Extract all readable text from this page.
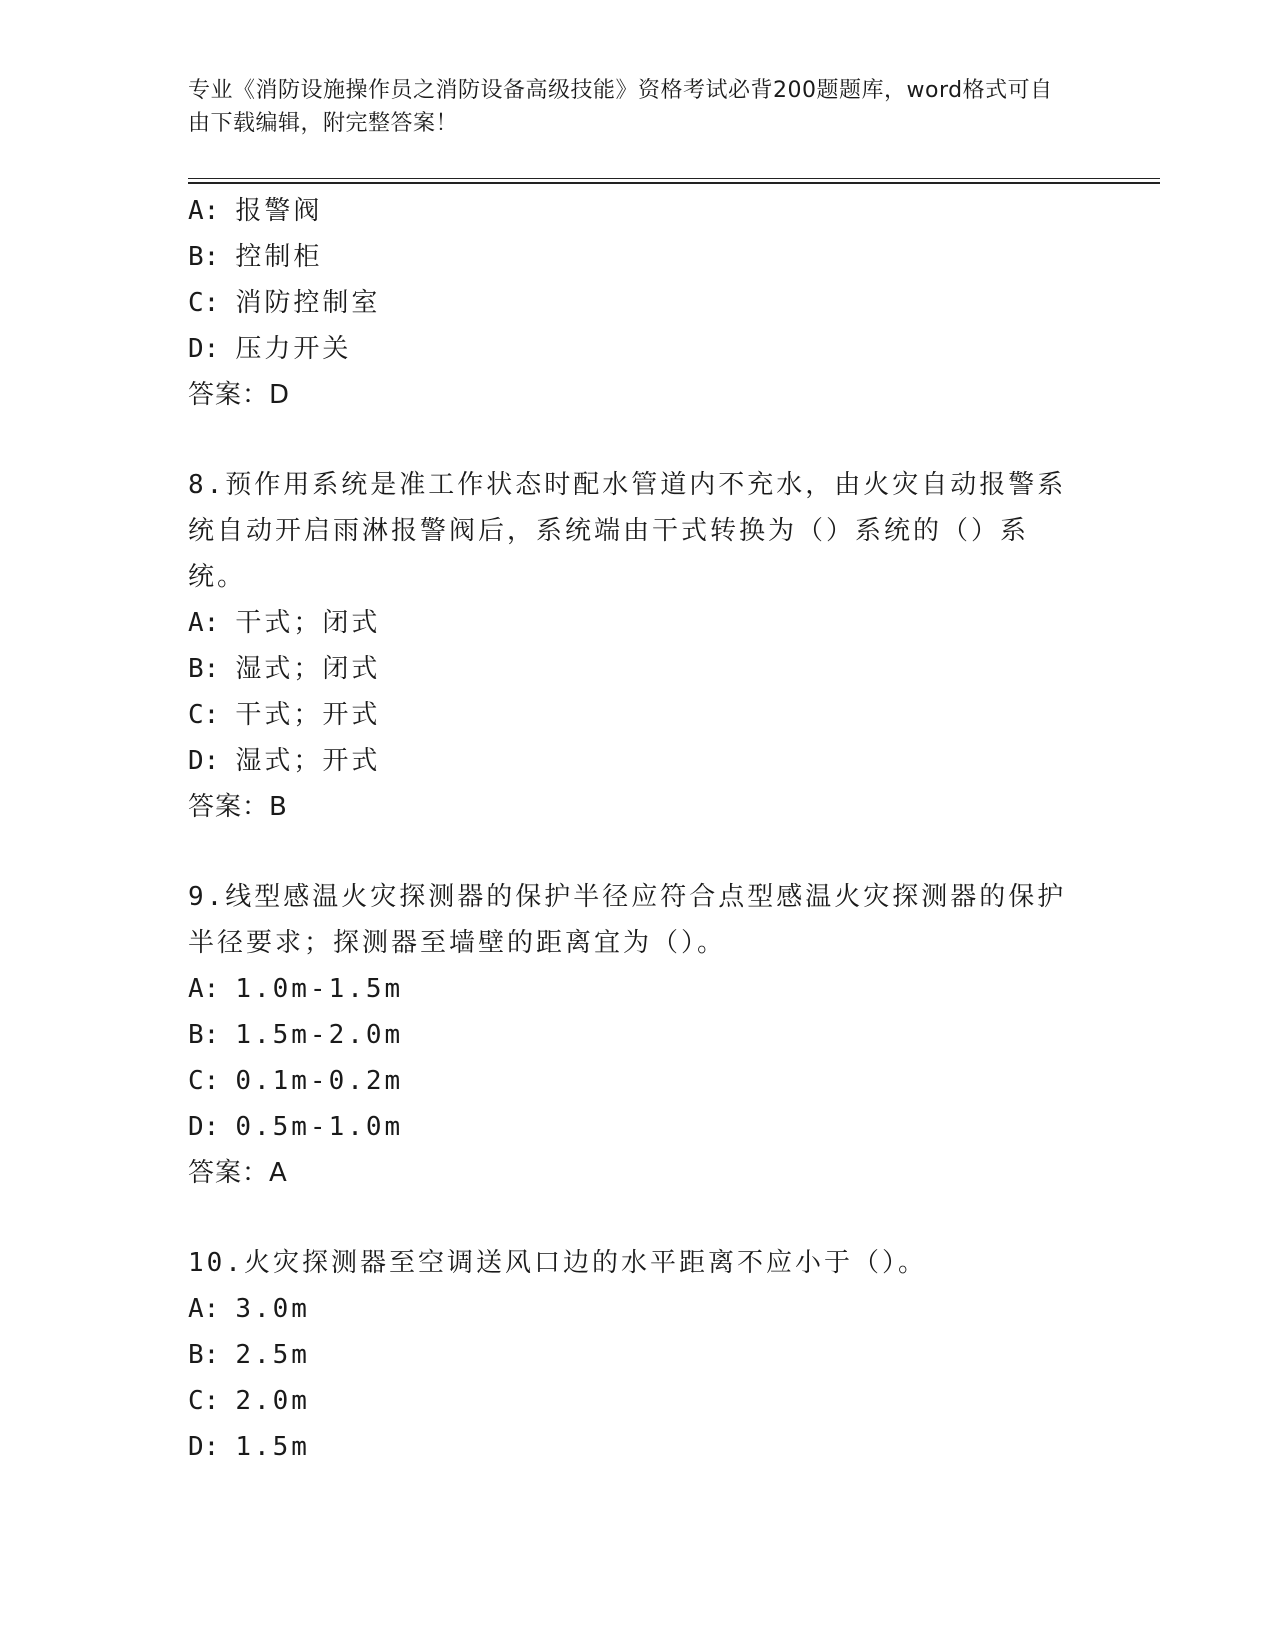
专业《消防设施操作员之消防设备高级技能》资格考试必背200题题库，word格式可自由下载编辑，附完整答案！
A: 报警阀
B: 控制柜
C: 消防控制室
D: 压力开关
答案：D
8.预作用系统是准工作状态时配水管道内不充水，由火灾自动报警系统自动开启雨淋报警阀后，系统端由干式转换为（）系统的（）系统。
A: 干式；闭式
B: 湿式；闭式
C: 干式；开式
D: 湿式；开式
答案：B
9.线型感温火灾探测器的保护半径应符合点型感温火灾探测器的保护半径要求；探测器至墙壁的距离宜为（）。
A: 1.0m-1.5m
B: 1.5m-2.0m
C: 0.1m-0.2m
D: 0.5m-1.0m
答案：A
10.火灾探测器至空调送风口边的水平距离不应小于（）。
A: 3.0m
B: 2.5m
C: 2.0m
D: 1.5m
